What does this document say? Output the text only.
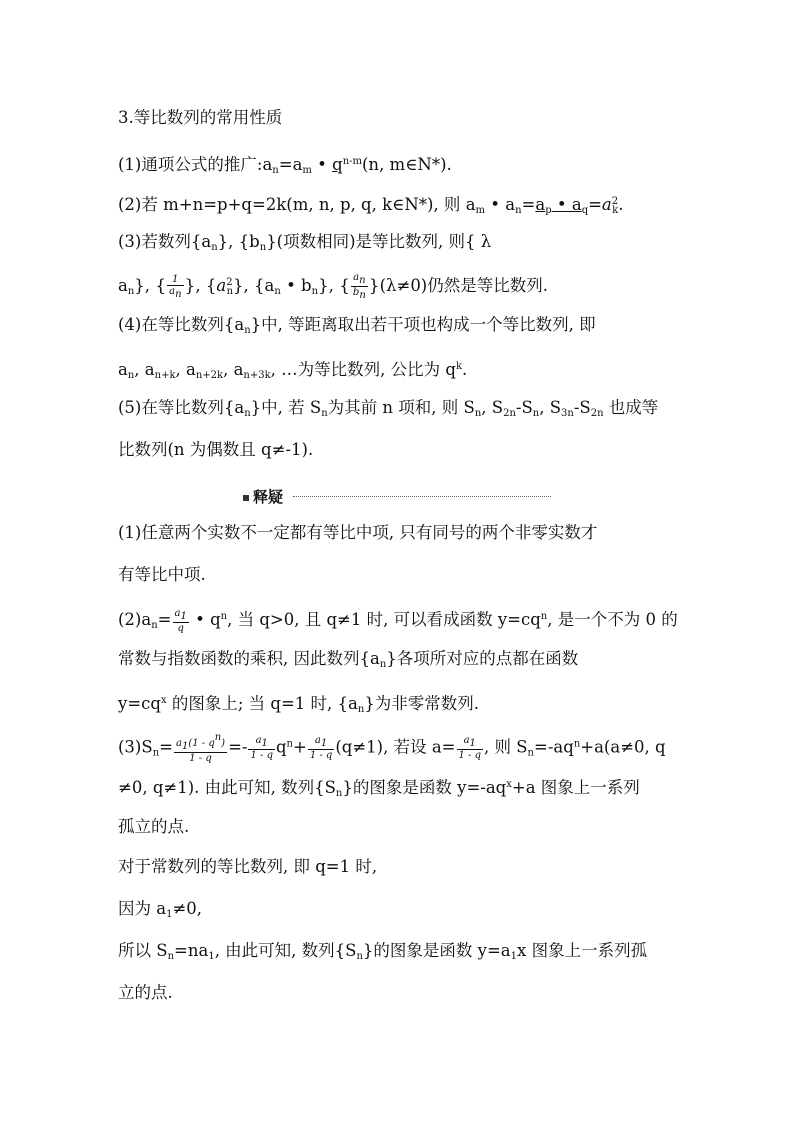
3.等比数列的常用性质
(1)通项公式的推广$:a_n=a_m$ • $q^{n-m}(n$, m∈N*).
(2)若 m+n=p+q=2k(m, n, p, q, k∈N*), 则 $a_m$ • $a_n=a_p$ • $a_q=a^2_k$.
(3)若数列$\{a_n\}$, $\{b_n\}$(项数相同)是等比数列, 则{ λ
$a_n$}, { $\frac{1}{a_n}$ }, $\{a^2_n\}$, {$a_n$ • $b_n$}, { $\frac{a_n}{b_n} \}(\lambda\ne 0)$仍然是等比数列.
(4)在等比数列$\{a_n\}$中, 等距离取出若干项也构成一个等比数列, 即
$a_n$, $a_{n+k}$, $a_{n+2k}$, $a_{n+3k}$, …为等比数列, 公比为 $q^k$.
(5)在等比数列$\{a_n\}$中, 若 $S_n$为其前 n 项和, 则 $S_n$, $S_{2n}-S_n$, $S_{3n}-S_{2n}$ 也成等
比数列(n 为偶数且 q≠-1).
释疑
(1)任意两个实数不一定都有等比中项, 只有同号的两个非零实数才
有等比中项.
$(2)a_n= \frac{a_1}{q}$ • $q^n$, 当 q>0, 且 q≠1 时, 可以看成函数 $y=cq^n$, 是一个不为 0 的
常数与指数函数的乘积, 因此数列$\{a_n\}$各项所对应的点都在函数
$y=cq^x$ 的图象上; 当 q=1 时, $\{a_n\}$为非零常数列.
$(3)S_n= \frac{a_1(1 - q^n)}{1 - q} =- \frac{a_1}{1 - q} q^n+ \frac{a_1}{1 - q} (q\ne 1)$, 若设 $a= \frac{a_1}{1 - q}$ , 则 $S_n=-aq^n+a(a\ne 0$, q
≠0, q≠1). 由此可知, 数列$\{S_n\}$的图象是函数 $y=-aq^x+a$ 图象上一系列
孤立的点.
对于常数列的等比数列, 即 q=1 时,
因为 $a_1\ne 0$,
所以 $S_n=na_1$, 由此可知, 数列$\{S_n\}$的图象是函数 $y=a_1x$ 图象上一系列孤
立的点.
